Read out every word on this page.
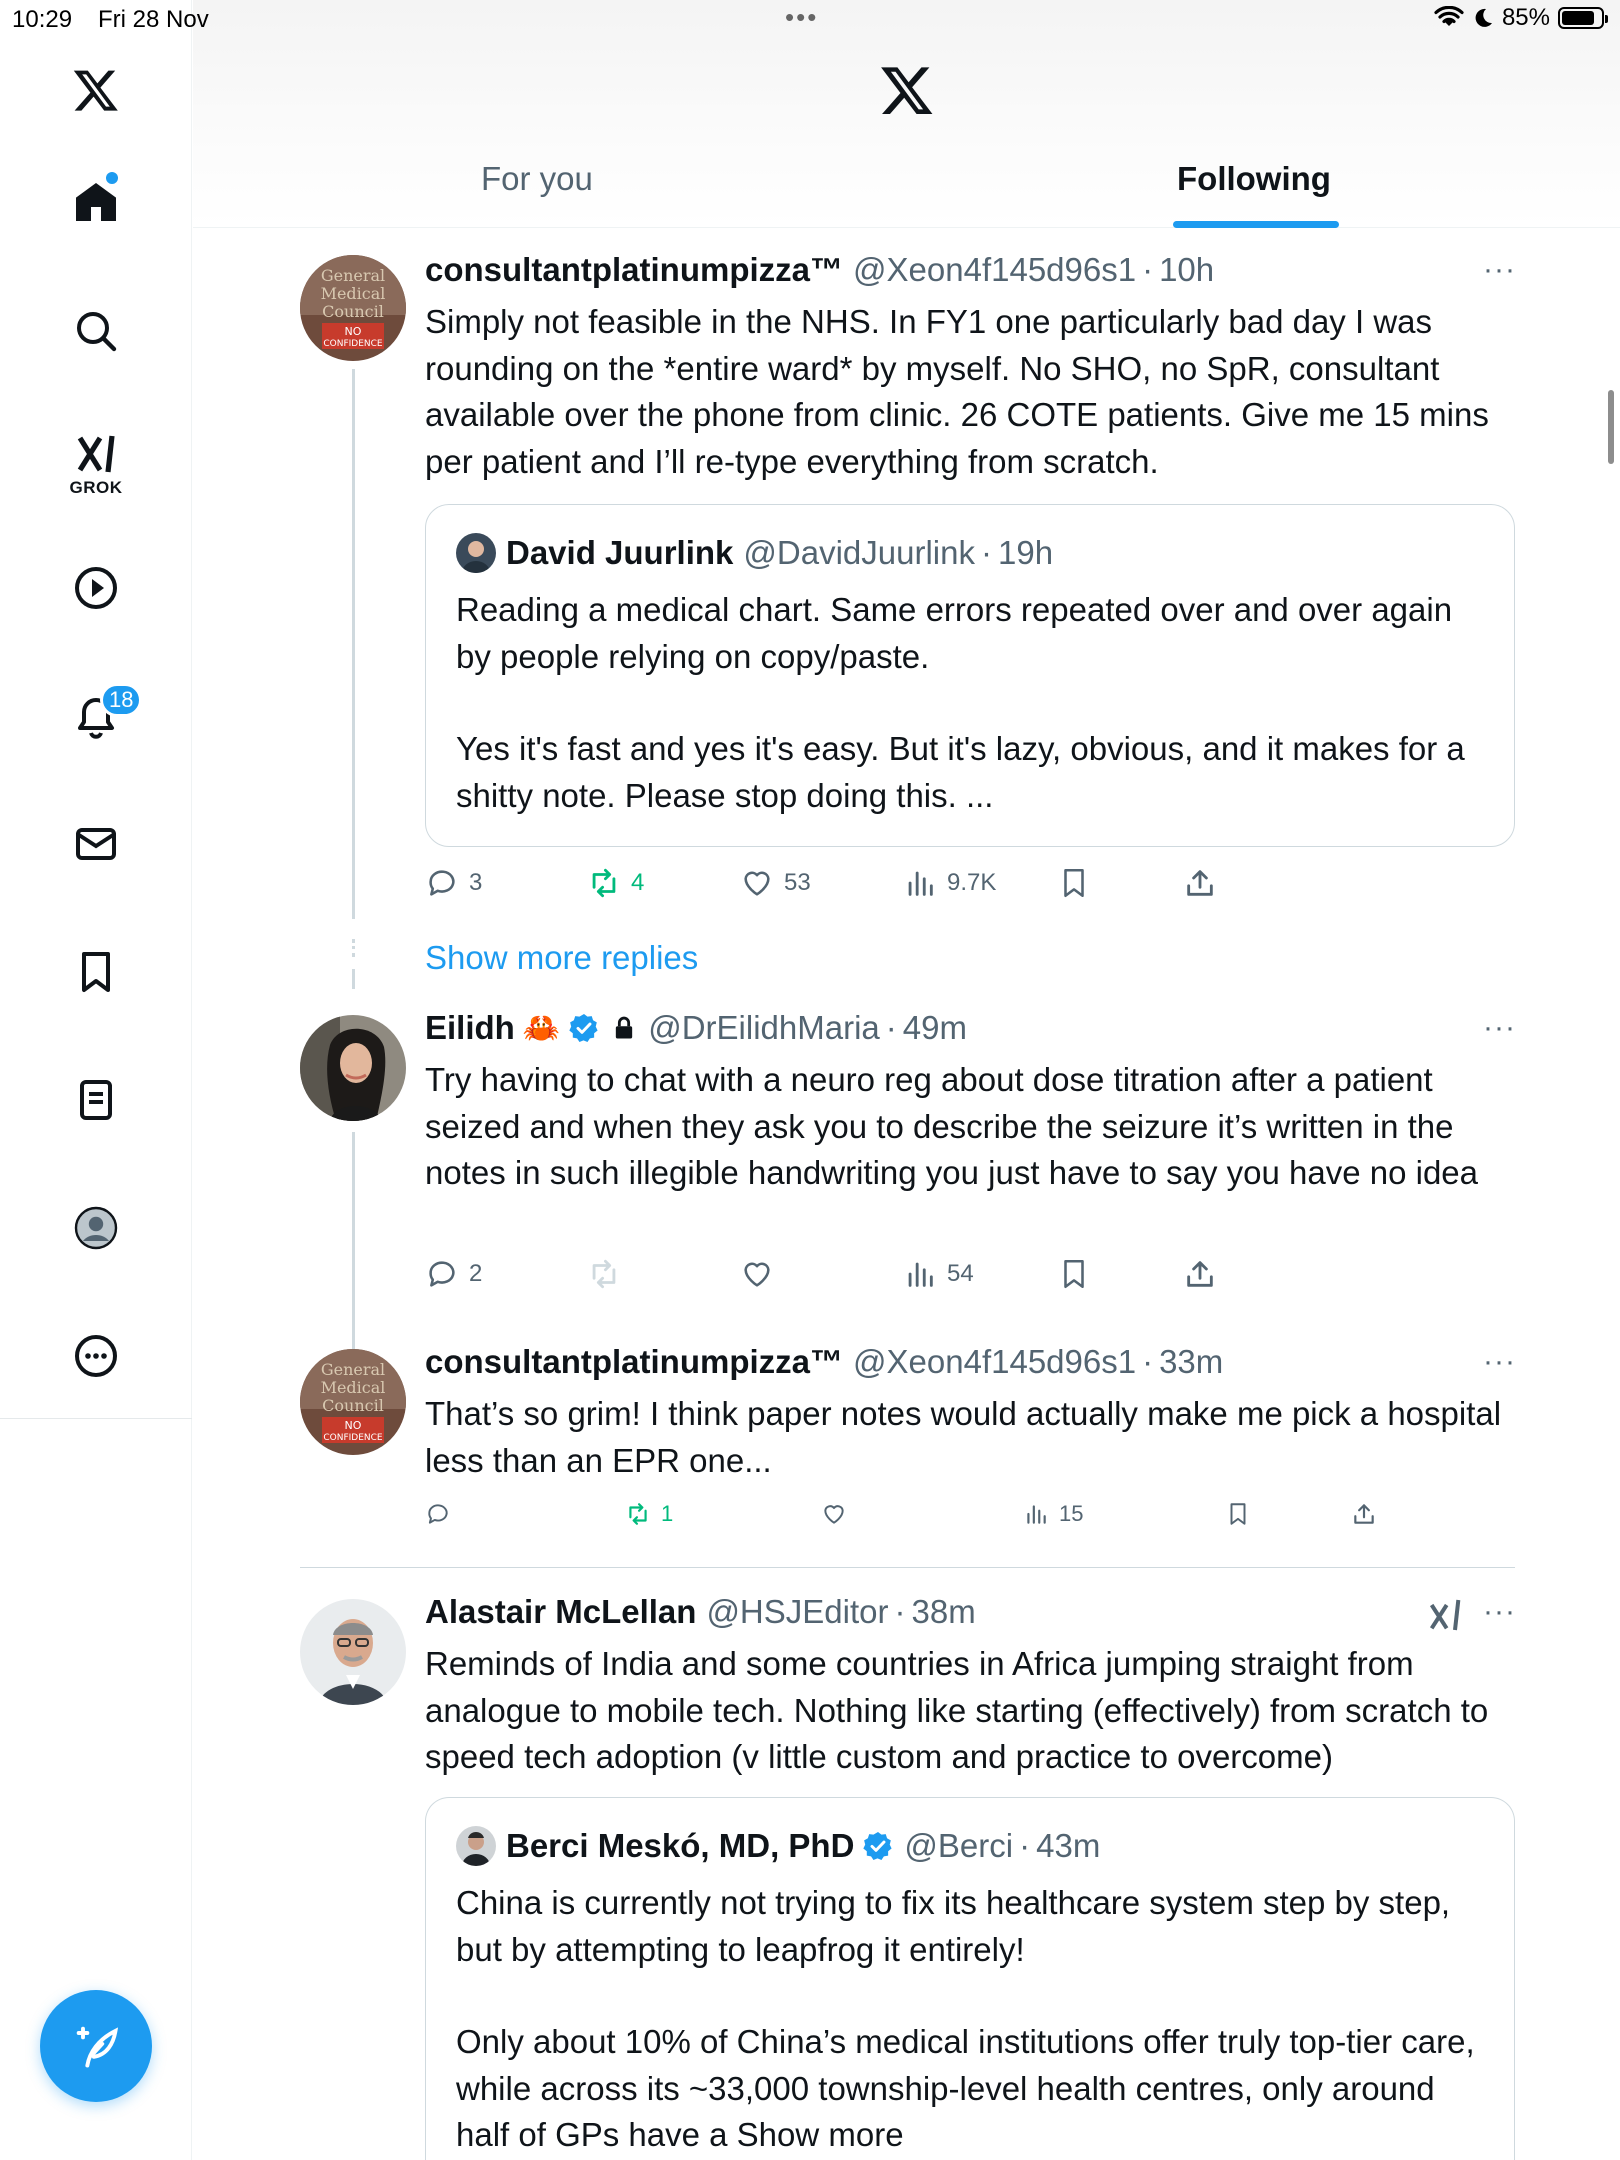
10:29 Fri 28 Nov	•••	85%
GROK
18
For you	Following
General
Medical
Council
NO
CONFIDENCE
consultantplatinumpizza™ @Xeon4f145d96s1 · 10h	···
Simply not feasible in the NHS. In FY1 one particularly bad day I was rounding on the *entire ward* by myself. No SHO, no SpR, consultant available over the phone from clinic. 26 COTE patients. Give me 15 mins per patient and I’ll re-type everything from scratch.
David Juurlink @DavidJuurlink · 19h
Reading a medical chart. Same errors repeated over and over again by people relying on copy/paste.
Yes it's fast and yes it's easy. But it's lazy, obvious, and it makes for a shitty note. Please stop doing this. ...
3	4	53	9.7K
Show more replies
Eilidh 🦀	@DrEilidhMaria · 49m	···
Try having to chat with a neuro reg about dose titration after a patient seized and when they ask you to describe the seizure it’s written in the notes in such illegible handwriting you just have to say you have no idea
2	54
General
Medical
Council
NO
CONFIDENCE
consultantplatinumpizza™ @Xeon4f145d96s1 · 33m	···
That’s so grim! I think paper notes would actually make me pick a hospital less than an EPR one...
1	15
Alastair McLellan @HSJEditor · 38m	···
Reminds of India and some countries in Africa jumping straight from analogue to mobile tech. Nothing like starting (effectively) from scratch to speed tech adoption (v little custom and practice to overcome)
Berci Meskó, MD, PhD @Berci · 43m
China is currently not trying to fix its healthcare system step by step, but by attempting to leapfrog it entirely!
Only about 10% of China’s medical institutions offer truly top-tier care, while across its ~33,000 township-level health centres, only around half of GPs have a Show more
